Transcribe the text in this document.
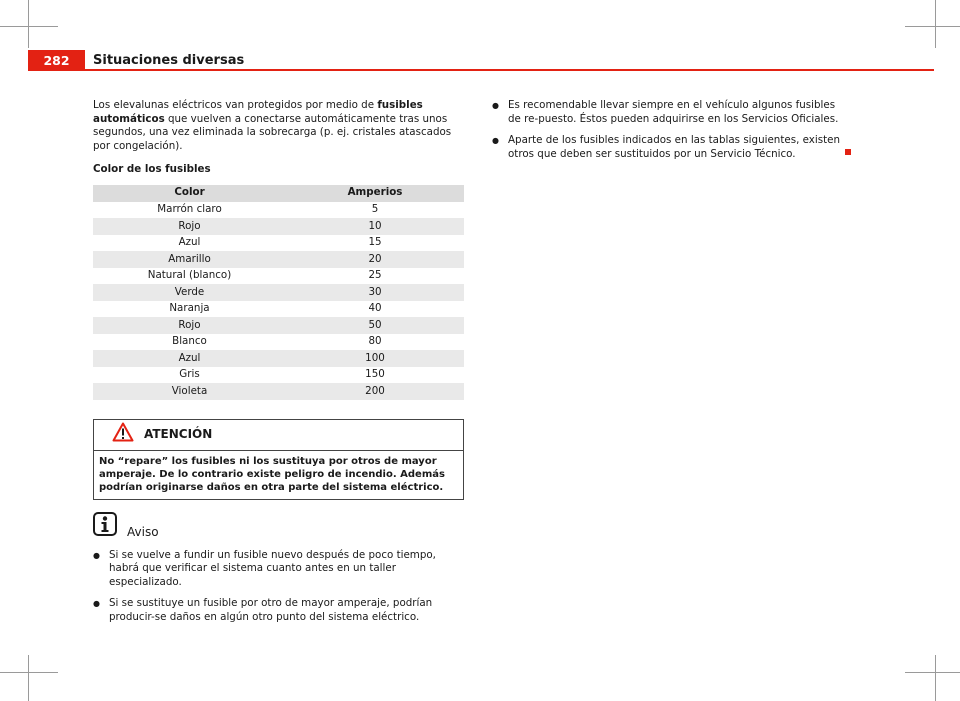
282	Situaciones diversas

Los elevalunas eléctricos van protegidos por medio de fusibles automáticos que vuelven a conectarse automáticamente tras unos segundos, una vez eliminada la sobrecarga (p. ej. cristales atascados por congelación).

Color de los fusibles
Color	Amperios
Marrón claro	5
Rojo	10
Azul	15
Amarillo	20
Natural (blanco)	25
Verde	30
Naranja	40
Rojo	50
Blanco	80
Azul	100
Gris	150
Violeta	200
ATENCIÓN
No “repare” los fusibles ni los sustituya por otros de mayor amperaje. De lo contrario existe peligro de incendio. Además podrían originarse daños en otra parte del sistema eléctrico.
Aviso
● Si se vuelve a fundir un fusible nuevo después de poco tiempo, habrá que verificar el sistema cuanto antes en un taller especializado.
● Si se sustituye un fusible por otro de mayor amperaje, podrían producir-se daños en algún otro punto del sistema eléctrico.
● Es recomendable llevar siempre en el vehículo algunos fusibles de re-puesto. Éstos pueden adquirirse en los Servicios Oficiales.
● Aparte de los fusibles indicados en las tablas siguientes, existen otros que deben ser sustituidos por un Servicio Técnico.
